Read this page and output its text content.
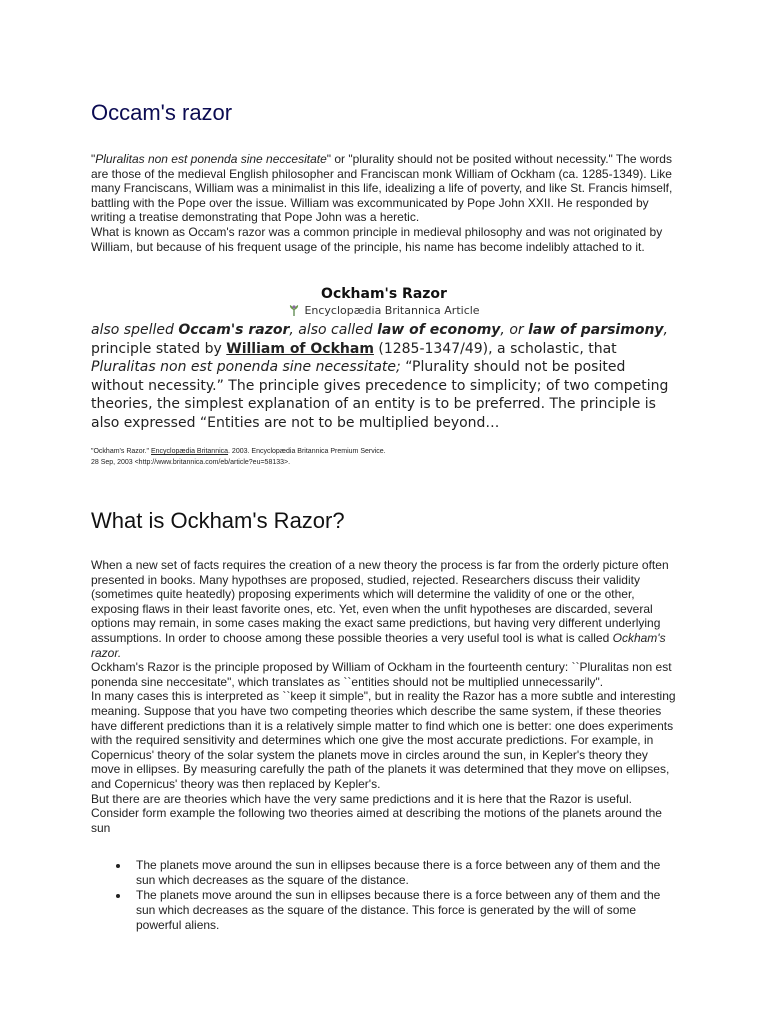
Occam's razor

"Pluralitas non est ponenda sine neccesitate" or "plurality should not be posited without necessity." The words are those of the medieval English philosopher and Franciscan monk William of Ockham (ca. 1285-1349). Like many Franciscans, William was a minimalist in this life, idealizing a life of poverty, and like St. Francis himself, battling with the Pope over the issue. William was excommunicated by Pope John XXII. He responded by writing a treatise demonstrating that Pope John was a heretic.

What is known as Occam's razor was a common principle in medieval philosophy and was not originated by William, but because of his frequent usage of the principle, his name has become indelibly attached to it.

Ockham's Razor
Encyclopædia Britannica Article
also spelled Occam's razor, also called law of economy, or law of parsimony,
principle stated by William of Ockham (1285-1347/49), a scholastic, that Pluralitas non est ponenda sine necessitate; “Plurality should not be posited without necessity.” The principle gives precedence to simplicity; of two competing theories, the simplest explanation of an entity is to be preferred. The principle is also expressed “Entities are not to be multiplied beyond…
"Ockham's Razor." Encyclopædia Britannica. 2003. Encyclopædia Britannica Premium Service.
28 Sep, 2003 <http://www.britannica.com/eb/article?eu=58133>.
What is Ockham's Razor?

When a new set of facts requires the creation of a new theory the process is far from the orderly picture often presented in books. Many hypothses are proposed, studied, rejected. Researchers discuss their validity (sometimes quite heatedly) proposing experiments which will determine the validity of one or the other, exposing flaws in their least favorite ones, etc. Yet, even when the unfit hypotheses are discarded, several options may remain, in some cases making the exact same predictions, but having very different underlying assumptions. In order to choose among these possible theories a very useful tool is what is called Ockham's razor.

Ockham's Razor is the principle proposed by William of Ockham in the fourteenth century: ``Pluralitas non est ponenda sine neccesitate", which translates as ``entities should not be multiplied unnecessarily".

In many cases this is interpreted as ``keep it simple", but in reality the Razor has a more subtle and interesting meaning. Suppose that you have two competing theories which describe the same system, if these theories have different predictions than it is a relatively simple matter to find which one is better: one does experiments with the required sensitivity and determines which one give the most accurate predictions. For example, in Copernicus' theory of the solar system the planets move in circles around the sun, in Kepler's theory they move in ellipses. By measuring carefully the path of the planets it was determined that they move on ellipses, and Copernicus' theory was then replaced by Kepler's.

But there are are theories which have the very same predictions and it is here that the Razor is useful. Consider form example the following two theories aimed at describing the motions of the planets around the sun

The planets move around the sun in ellipses because there is a force between any of them and the sun which decreases as the square of the distance.
The planets move around the sun in ellipses because there is a force between any of them and the sun which decreases as the square of the distance. This force is generated by the will of some powerful aliens.
